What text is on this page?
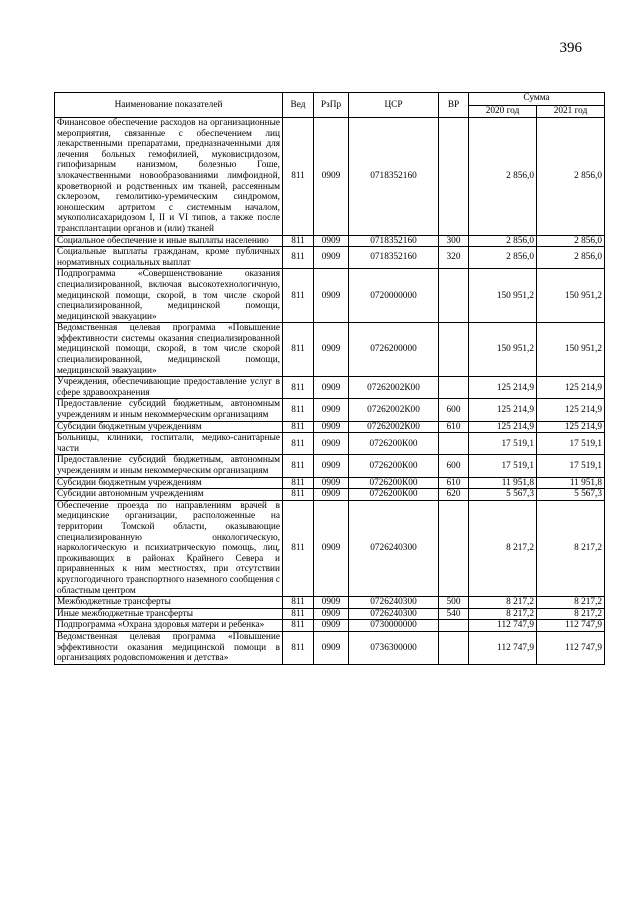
396
Наименование показателей	Вед	РзПр	ЦСР	ВР	Сумма	
					2020 год	2021 год
Финансовое обеспечение расходов на организационные мероприятия, связанные с обеспечением лиц лекарственными препаратами, предназначенными для лечения больных гемофилией, муковисцидозом, гипофизарным нанизмом, болезнью Гоше, злокачественными новообразованиями лимфоидной, кроветворной и родственных им тканей, рассеянным склерозом, гемолитико-уремическим синдромом, юношеским артритом с системным началом, мукополисахаридозом I, II и VI типов, а также после трансплантации органов и (или) тканей	811	0909	0718352160		2 856,0	2 856,0
Социальное обеспечение и иные выплаты населению	811	0909	0718352160	300	2 856,0	2 856,0
Социальные выплаты гражданам, кроме публичных нормативных социальных выплат	811	0909	0718352160	320	2 856,0	2 856,0
Подпрограмма «Совершенствование оказания специализированной, включая высокотехнологичную, медицинской помощи, скорой, в том числе скорой специализированной, медицинской помощи, медицинской эвакуации»	811	0909	0720000000		150 951,2	150 951,2
Ведомственная целевая программа «Повышение эффективности системы оказания специализированной медицинской помощи, скорой, в том числе скорой специализированной, медицинской помощи, медицинской эвакуации»	811	0909	0726200000		150 951,2	150 951,2
Учреждения, обеспечивающие предоставление услуг в сфере здравоохранения	811	0909	07262002К00		125 214,9	125 214,9
Предоставление субсидий бюджетным, автономным учреждениям и иным некоммерческим организациям	811	0909	07262002К00	600	125 214,9	125 214,9
Субсидии бюджетным учреждениям	811	0909	07262002К00	610	125 214,9	125 214,9
Больницы, клиники, госпитали, медико-санитарные части	811	0909	0726200К00		17 519,1	17 519,1
Предоставление субсидий бюджетным, автономным учреждениям и иным некоммерческим организациям	811	0909	0726200К00	600	17 519,1	17 519,1
Субсидии бюджетным учреждениям	811	0909	0726200К00	610	11 951,8	11 951,8
Субсидии автономным учреждениям	811	0909	0726200К00	620	5 567,3	5 567,3
Обеспечение проезда по направлениям врачей в медицинские организации, расположенные на территории Томской области, оказывающие специализированную онкологическую, наркологическую и психиатрическую помощь, лиц, проживающих в районах Крайнего Севера и приравненных к ним местностях, при отсутствии круглогодичного транспортного наземного сообщения с областным центром	811	0909	0726240300		8 217,2	8 217,2
Межбюджетные трансферты	811	0909	0726240300	500	8 217,2	8 217,2
Иные межбюджетные трансферты	811	0909	0726240300	540	8 217,2	8 217,2
Подпрограмма «Охрана здоровья матери и ребенка»	811	0909	0730000000		112 747,9	112 747,9
Ведомственная целевая программа «Повышение эффективности оказания медицинской помощи в организациях родовспоможения и детства»	811	0909	0736300000		112 747,9	112 747,9
